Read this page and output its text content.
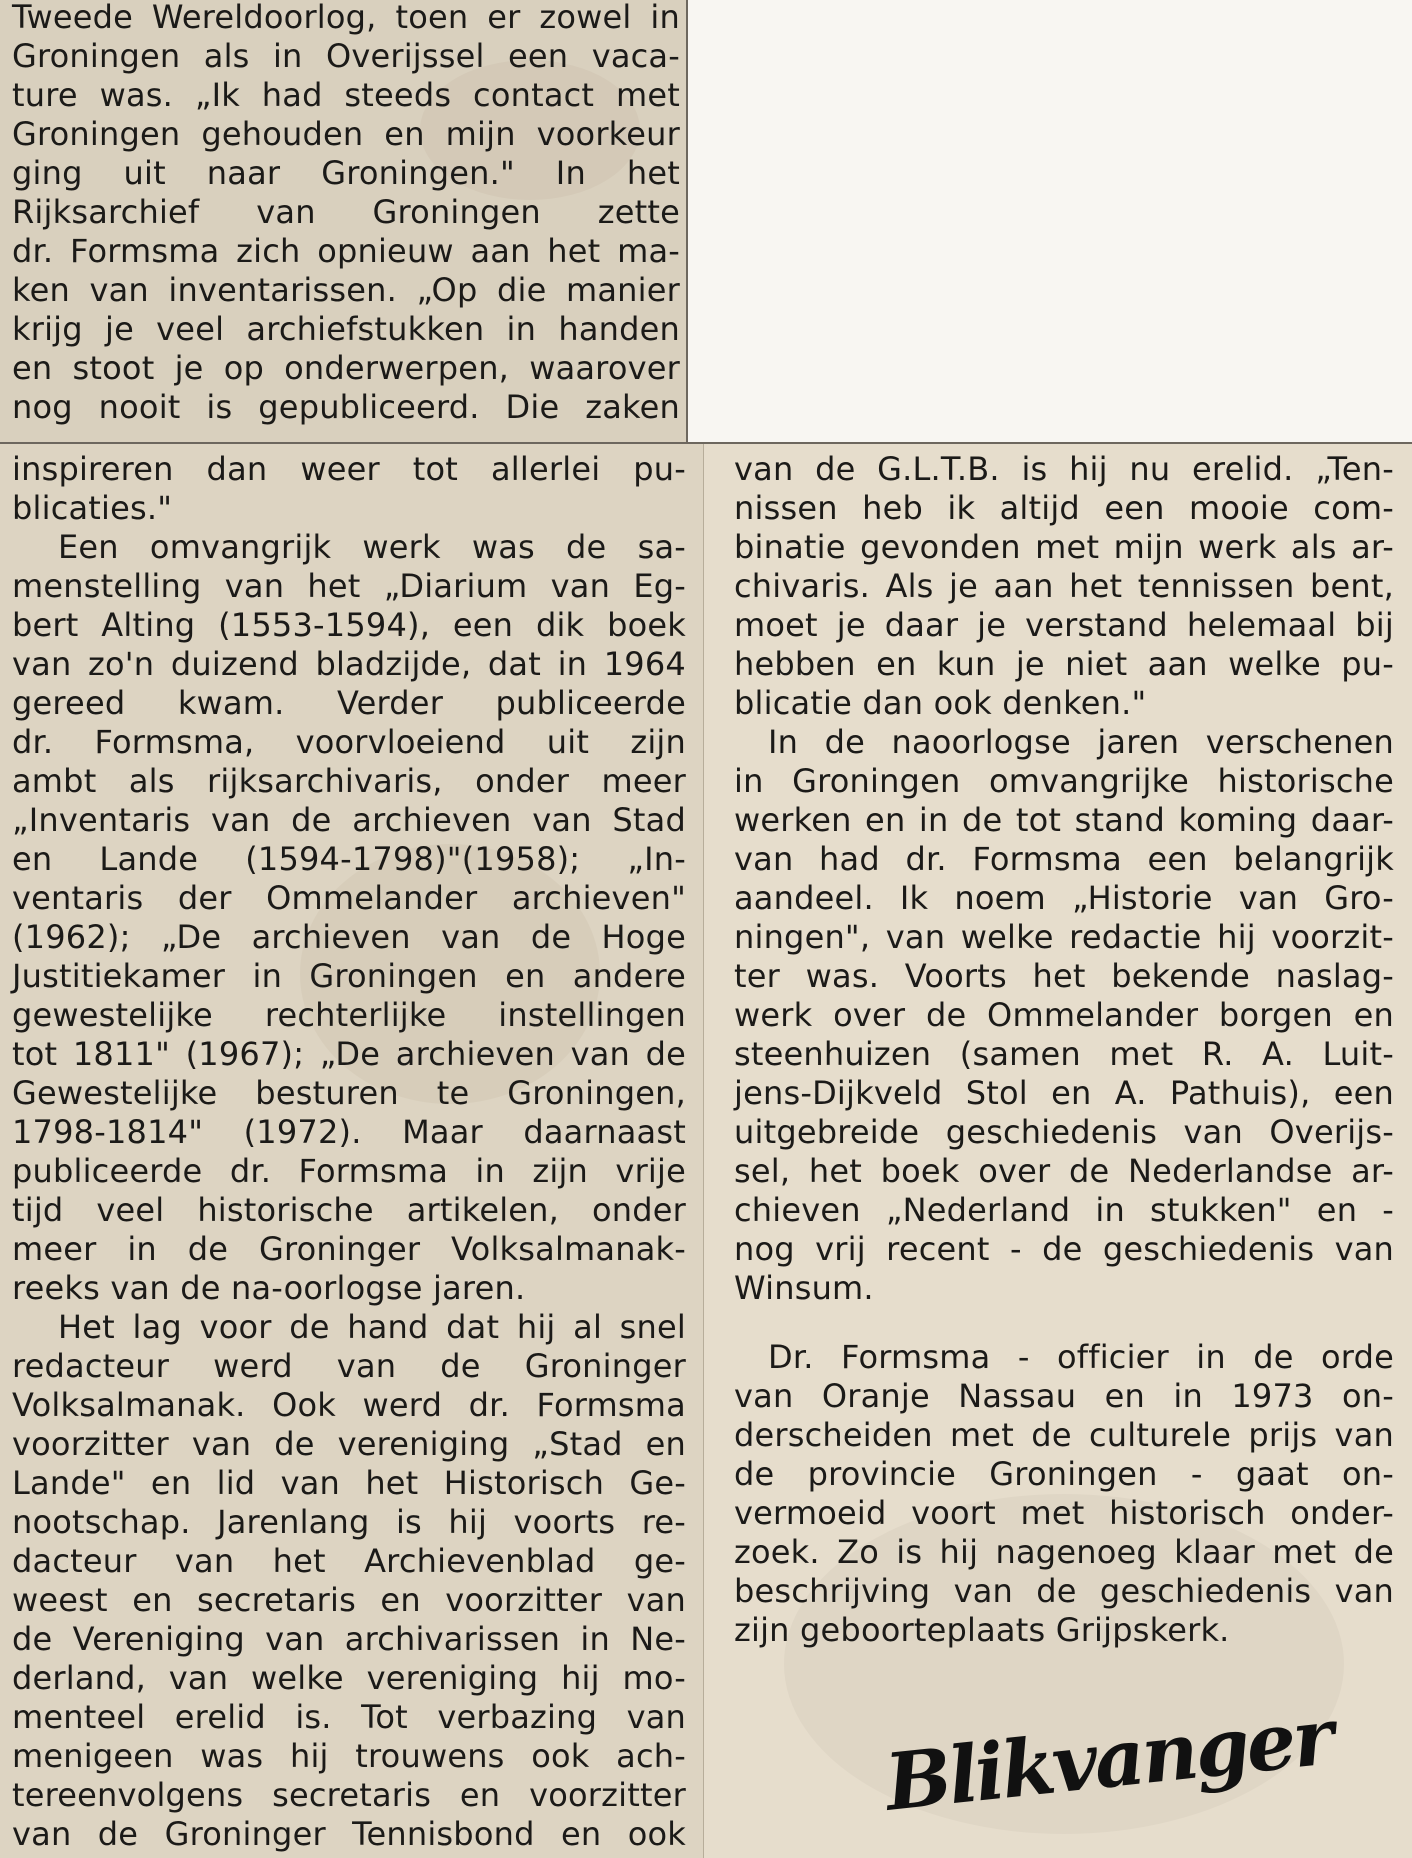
Tweede Wereldoorlog, toen er zowel in
Groningen als in Overijssel een vaca-
ture was. „Ik had steeds contact met
Groningen gehouden en mijn voorkeur
ging uit naar Groningen." In het
Rijksarchief van Groningen zette
dr. Formsma zich opnieuw aan het ma-
ken van inventarissen. „Op die manier
krijg je veel archiefstukken in handen
en stoot je op onderwerpen, waarover
nog nooit is gepubliceerd. Die zaken
inspireren dan weer tot allerlei pu-
blicaties."
Een omvangrijk werk was de sa-
menstelling van het „Diarium van Eg-
bert Alting (1553-1594), een dik boek
van zo'n duizend bladzijde, dat in 1964
gereed kwam. Verder publiceerde
dr. Formsma, voorvloeiend uit zijn
ambt als rijksarchivaris, onder meer
„Inventaris van de archieven van Stad
en Lande (1594-1798)"(1958); „In-
ventaris der Ommelander archieven"
(1962); „De archieven van de Hoge
Justitiekamer in Groningen en andere
gewestelijke rechterlijke instellingen
tot 1811" (1967); „De archieven van de
Gewestelijke besturen te Groningen,
1798-1814" (1972). Maar daarnaast
publiceerde dr. Formsma in zijn vrije
tijd veel historische artikelen, onder
meer in de Groninger Volksalmanak-
reeks van de na-oorlogse jaren.
Het lag voor de hand dat hij al snel
redacteur werd van de Groninger
Volksalmanak. Ook werd dr. Formsma
voorzitter van de vereniging „Stad en
Lande" en lid van het Historisch Ge-
nootschap. Jarenlang is hij voorts re-
dacteur van het Archievenblad ge-
weest en secretaris en voorzitter van
de Vereniging van archivarissen in Ne-
derland, van welke vereniging hij mo-
menteel erelid is. Tot verbazing van
menigeen was hij trouwens ook ach-
tereenvolgens secretaris en voorzitter
van de Groninger Tennisbond en ook
van de G.L.T.B. is hij nu erelid. „Ten-
nissen heb ik altijd een mooie com-
binatie gevonden met mijn werk als ar-
chivaris. Als je aan het tennissen bent,
moet je daar je verstand helemaal bij
hebben en kun je niet aan welke pu-
blicatie dan ook denken."
In de naoorlogse jaren verschenen
in Groningen omvangrijke historische
werken en in de tot stand koming daar-
van had dr. Formsma een belangrijk
aandeel. Ik noem „Historie van Gro-
ningen", van welke redactie hij voorzit-
ter was. Voorts het bekende naslag-
werk over de Ommelander borgen en
steenhuizen (samen met R. A. Luit-
jens-Dijkveld Stol en A. Pathuis), een
uitgebreide geschiedenis van Overijs-
sel, het boek over de Nederlandse ar-
chieven „Nederland in stukken" en -
nog vrij recent - de geschiedenis van
Winsum.
Dr. Formsma - officier in de orde
van Oranje Nassau en in 1973 on-
derscheiden met de culturele prijs van
de provincie Groningen - gaat on-
vermoeid voort met historisch onder-
zoek. Zo is hij nagenoeg klaar met de
beschrijving van de geschiedenis van
zijn geboorteplaats Grijpskerk.
Blikvanger
